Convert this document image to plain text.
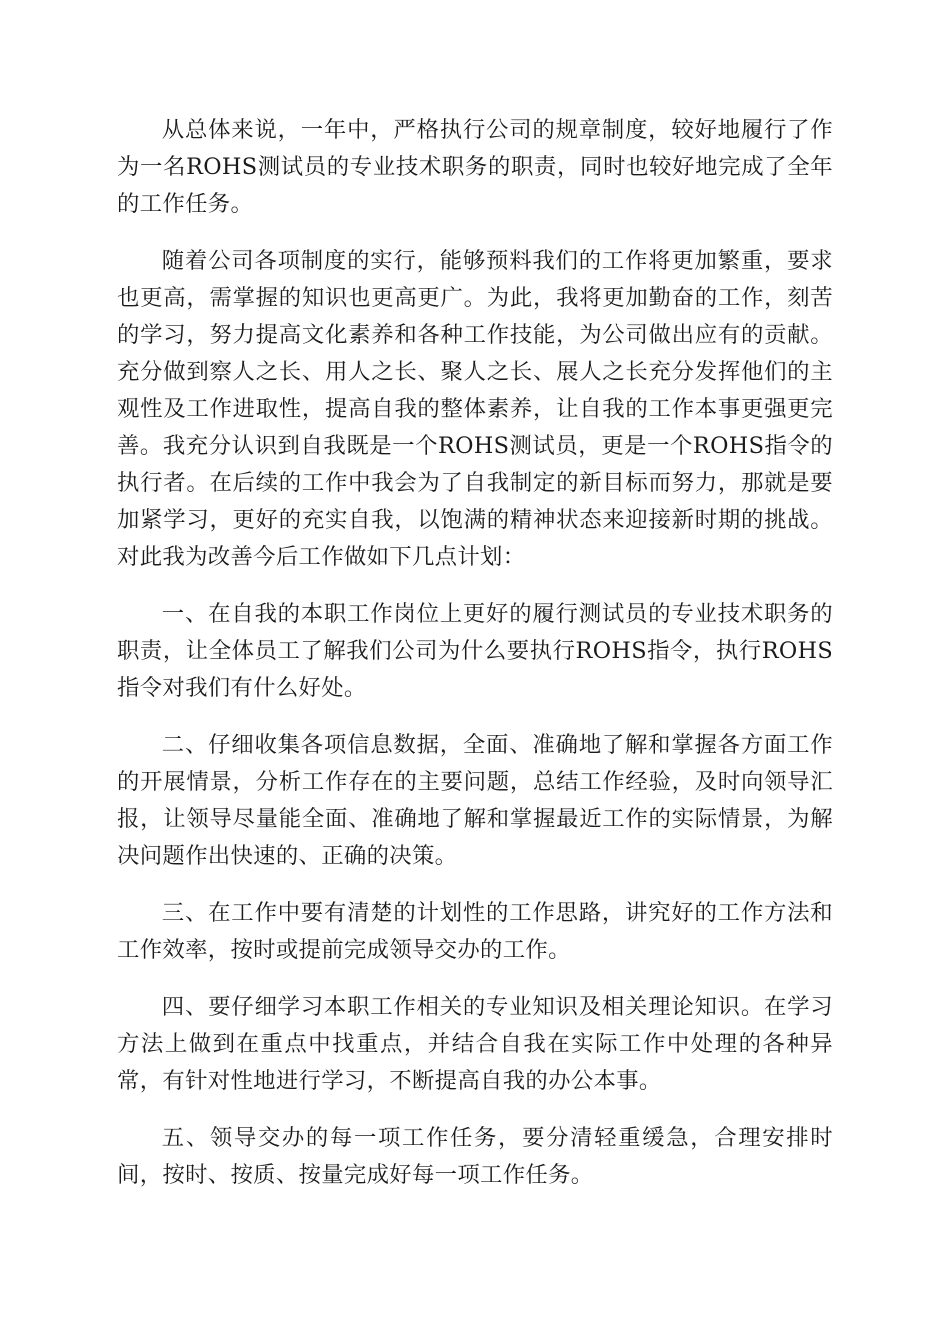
从总体来说，一年中，严格执行公司的规章制度，较好地履行了作为一名ROHS测试员的专业技术职务的职责，同时也较好地完成了全年的工作任务。

随着公司各项制度的实行，能够预料我们的工作将更加繁重，要求也更高，需掌握的知识也更高更广。为此，我将更加勤奋的工作，刻苦的学习，努力提高文化素养和各种工作技能，为公司做出应有的贡献。充分做到察人之长、用人之长、聚人之长、展人之长充分发挥他们的主观性及工作进取性，提高自我的整体素养，让自我的工作本事更强更完善。我充分认识到自我既是一个ROHS测试员，更是一个ROHS指令的执行者。在后续的工作中我会为了自我制定的新目标而努力，那就是要加紧学习，更好的充实自我，以饱满的精神状态来迎接新时期的挑战。对此我为改善今后工作做如下几点计划：

一、在自我的本职工作岗位上更好的履行测试员的专业技术职务的职责，让全体员工了解我们公司为什么要执行ROHS指令，执行ROHS指令对我们有什么好处。

二、仔细收集各项信息数据，全面、准确地了解和掌握各方面工作的开展情景，分析工作存在的主要问题，总结工作经验，及时向领导汇报，让领导尽量能全面、准确地了解和掌握最近工作的实际情景，为解决问题作出快速的、正确的决策。

三、在工作中要有清楚的计划性的工作思路，讲究好的工作方法和工作效率，按时或提前完成领导交办的工作。

四、要仔细学习本职工作相关的专业知识及相关理论知识。在学习方法上做到在重点中找重点，并结合自我在实际工作中处理的各种异常，有针对性地进行学习，不断提高自我的办公本事。

五、领导交办的每一项工作任务，要分清轻重缓急，合理安排时间，按时、按质、按量完成好每一项工作任务。
